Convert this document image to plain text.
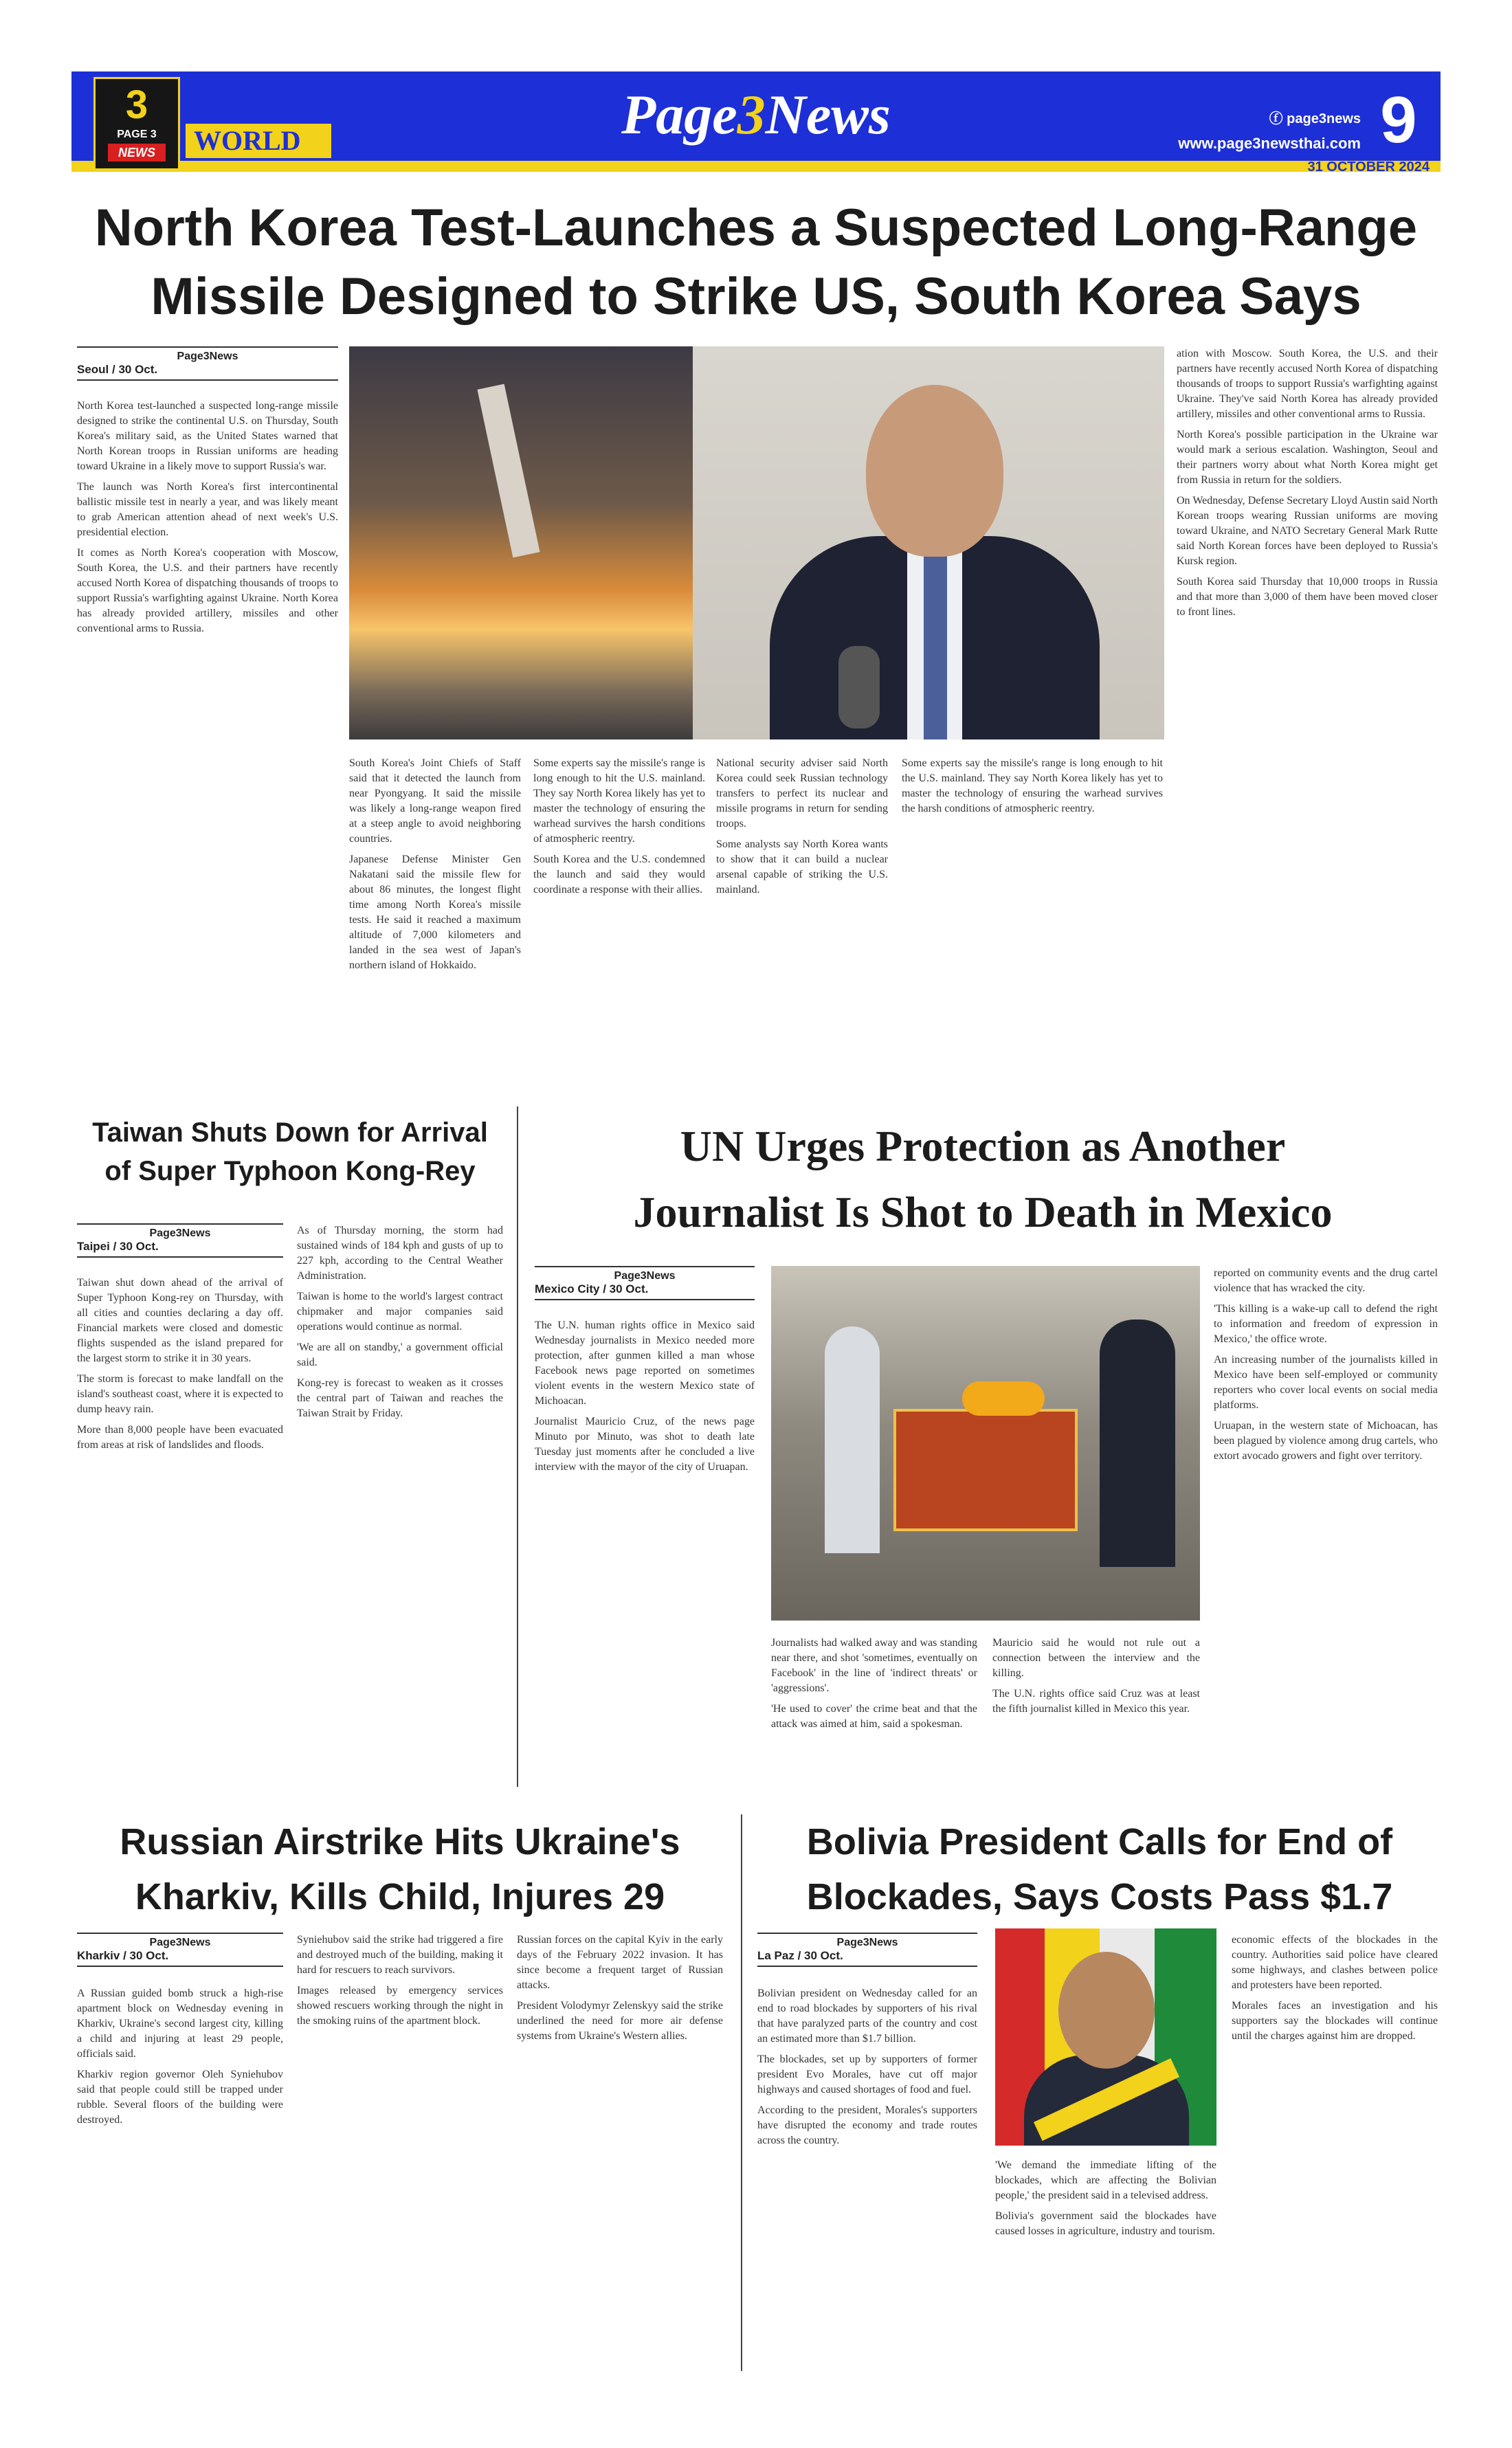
3
PAGE 3
NEWS	WORLD	Page3News	ⓕ page3news
www.page3newsthai.com 9
31 OCTOBER 2024
North Korea Test-Launches a Suspected Long-Range
Missile Designed to Strike US, South Korea Says
Page3News
Seoul / 30 Oct.

North Korea test-launched a suspected long-range missile designed to strike the continental U.S. on Thursday, South Korea's military said, as the United States warned that North Korean troops in Russian uniforms are heading toward Ukraine in a likely move to support Russia's war.

The launch was North Korea's first intercontinental ballistic missile test in nearly a year, and was likely meant to grab American attention ahead of next week's U.S. presidential election.

It comes as North Korea's cooperation with Moscow, South Korea, the U.S. and their partners have recently accused North Korea of dispatching thousands of troops to support Russia's warfighting against Ukraine. North Korea has already provided artillery, missiles and other conventional arms to Russia.

South Korea's Joint Chiefs of Staff said that it detected the launch from near Pyongyang. It said the missile was likely a long-range weapon fired at a steep angle to avoid neighboring countries.

Japanese Defense Minister Gen Nakatani said the missile flew for about 86 minutes, the longest flight time among North Korea's missile tests. He said it reached a maximum altitude of 7,000 kilometers and landed in the sea west of Japan's northern island of Hokkaido.

Some experts say the missile's range is long enough to hit the U.S. mainland. They say North Korea likely has yet to master the technology of ensuring the warhead survives the harsh conditions of atmospheric reentry.

South Korea and the U.S. condemned the launch and said they would coordinate a response with their allies.

National security adviser said North Korea could seek Russian technology transfers to perfect its nuclear and missile programs in return for sending troops.

Some analysts say North Korea wants to show that it can build a nuclear arsenal capable of striking the U.S. mainland.

Some experts say the missile's range is long enough to hit the U.S. mainland. They say North Korea likely has yet to master the technology of ensuring the warhead survives the harsh conditions of atmospheric reentry.

ation with Moscow. South Korea, the U.S. and their partners have recently accused North Korea of dispatching thousands of troops to support Russia's warfighting against Ukraine. They've said North Korea has already provided artillery, missiles and other conventional arms to Russia.

North Korea's possible participation in the Ukraine war would mark a serious escalation. Washington, Seoul and their partners worry about what North Korea might get from Russia in return for the soldiers.

On Wednesday, Defense Secretary Lloyd Austin said North Korean troops wearing Russian uniforms are moving toward Ukraine, and NATO Secretary General Mark Rutte said North Korean forces have been deployed to Russia's Kursk region.

South Korea said Thursday that 10,000 troops in Russia and that more than 3,000 of them have been moved closer to front lines.

Taiwan Shuts Down for Arrival
of Super Typhoon Kong-Rey
Page3News
Taipei / 30 Oct.

Taiwan shut down ahead of the arrival of Super Typhoon Kong-rey on Thursday, with all cities and counties declaring a day off. Financial markets were closed and domestic flights suspended as the island prepared for the largest storm to strike it in 30 years.

The storm is forecast to make landfall on the island's southeast coast, where it is expected to dump heavy rain.

More than 8,000 people have been evacuated from areas at risk of landslides and floods.

As of Thursday morning, the storm had sustained winds of 184 kph and gusts of up to 227 kph, according to the Central Weather Administration.

Taiwan is home to the world's largest contract chipmaker and major companies said operations would continue as normal.

'We are all on standby,' a government official said.

Kong-rey is forecast to weaken as it crosses the central part of Taiwan and reaches the Taiwan Strait by Friday.

UN Urges Protection as Another
Journalist Is Shot to Death in Mexico
Page3News
Mexico City / 30 Oct.

The U.N. human rights office in Mexico said Wednesday journalists in Mexico needed more protection, after gunmen killed a man whose Facebook news page reported on sometimes violent events in the western Mexico state of Michoacan.

Journalist Mauricio Cruz, of the news page Minuto por Minuto, was shot to death late Tuesday just moments after he concluded a live interview with the mayor of the city of Uruapan.

Journalists had walked away and was standing near there, and shot 'sometimes, eventually on Facebook' in the line of 'indirect threats' or 'aggressions'.

'He used to cover' the crime beat and that the attack was aimed at him, said a spokesman.

Mauricio said he would not rule out a connection between the interview and the killing.

The U.N. rights office said Cruz was at least the fifth journalist killed in Mexico this year.

reported on community events and the drug cartel violence that has wracked the city.

'This killing is a wake-up call to defend the right to information and freedom of expression in Mexico,' the office wrote.

An increasing number of the journalists killed in Mexico have been self-employed or community reporters who cover local events on social media platforms.

Uruapan, in the western state of Michoacan, has been plagued by violence among drug cartels, who extort avocado growers and fight over territory.

Russian Airstrike Hits Ukraine's
Kharkiv, Kills Child, Injures 29
Page3News
Kharkiv / 30 Oct.

A Russian guided bomb struck a high-rise apartment block on Wednesday evening in Kharkiv, Ukraine's second largest city, killing a child and injuring at least 29 people, officials said.

Kharkiv region governor Oleh Syniehubov said that people could still be trapped under rubble. Several floors of the building were destroyed.

Syniehubov said the strike had triggered a fire and destroyed much of the building, making it hard for rescuers to reach survivors.

Images released by emergency services showed rescuers working through the night in the smoking ruins of the apartment block.

Russian forces on the capital Kyiv in the early days of the February 2022 invasion. It has since become a frequent target of Russian attacks.

President Volodymyr Zelenskyy said the strike underlined the need for more air defense systems from Ukraine's Western allies.

Bolivia President Calls for End of
Blockades, Says Costs Pass $1.7
Page3News
La Paz / 30 Oct.

Bolivian president on Wednesday called for an end to road blockades by supporters of his rival that have paralyzed parts of the country and cost an estimated more than $1.7 billion.

The blockades, set up by supporters of former president Evo Morales, have cut off major highways and caused shortages of food and fuel.

According to the president, Morales's supporters have disrupted the economy and trade routes across the country.

'We demand the immediate lifting of the blockades, which are affecting the Bolivian people,' the president said in a televised address.

Bolivia's government said the blockades have caused losses in agriculture, industry and tourism.

economic effects of the blockades in the country. Authorities said police have cleared some highways, and clashes between police and protesters have been reported.

Morales faces an investigation and his supporters say the blockades will continue until the charges against him are dropped.
